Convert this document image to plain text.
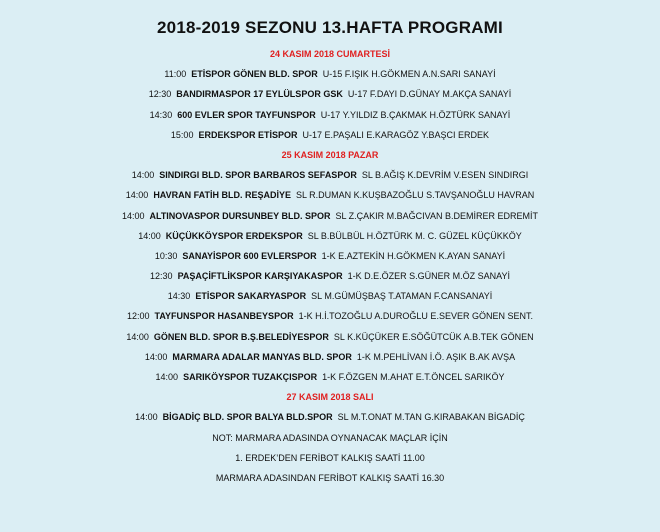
2018-2019 SEZONU 13.HAFTA PROGRAMI
24 KASIM 2018 CUMARTESİ
11:00 ETİSPOR GÖNEN BLD. SPOR U-15 F.IŞIK H.GÖKMEN A.N.SARI SANAYİ
12:30 BANDIRMASPOR 17 EYLÜLSPOR GSK U-17 F.DAYI D.GÜNAY M.AKÇA SANAYİ
14:30 600 EVLER SPOR TAYFUNSPOR U-17 Y.YILDIZ B.ÇAKMAK H.ÖZTÜRK SANAYİ
15:00 ERDEKSPOR ETİSPOR U-17 E.PAŞALI E.KARAGÖZ Y.BAŞCI ERDEK
25 KASIM 2018 PAZAR
14:00 SINDIRGI BLD. SPOR BARBAROS SEFASPOR SL B.AĞIŞ K.DEVRİM V.ESEN SINDIRGI
14:00 HAVRAN FATİH BLD. REŞADİYE SL R.DUMAN K.KUŞBAZOĞLU S.TAVŞANOĞLU HAVRAN
14:00 ALTINOVASPOR DURSUNBEY BLD. SPOR SL Z.ÇAKIR M.BAĞCIVAN B.DEMİRER EDREMİT
14:00 KÜÇÜKKÖYSPOR ERDEKSPOR SL B.BÜLBÜL H.ÖZTÜRK M. C. GÜZEL KÜÇÜKKÖY
10:30 SANAYİSPOR 600 EVLERSPOR 1-K E.AZTEKİN H.GÖKMEN K.AYAN SANAYİ
12:30 PAŞAÇİFTLİKSPOR KARŞIYAKASPOR 1-K D.E.ÖZER S.GÜNER M.ÖZ SANAYİ
14:30 ETİSPOR SAKARYASPOR SL M.GÜMÜŞBAŞ T.ATAMAN F.CANSANAYİ
12:00 TAYFUNSPOR HASANBEYSPOR 1-K H.İ.TOZOĞLU A.DUROĞLU E.SEVER GÖNEN SENT.
14:00 GÖNEN BLD. SPOR B.Ş.BELEDİYESPOR SL K.KÜÇÜKER E.SÖĞÜTCÜK A.B.TEK GÖNEN
14:00 MARMARA ADALAR MANYAS BLD. SPOR 1-K M.PEHLİVAN İ.Ö. AŞIK B.AK AVŞA
14:00 SARIKÖYSPOR TUZAKÇISPOR 1-K F.ÖZGEN M.AHAT E.T.ÖNCEL SARIKÖY
27 KASIM 2018 SALI
14:00 BİGADİÇ BLD. SPOR BALYA BLD.SPOR SL M.T.ONAT M.TAN G.KIRABAKAN BİGADİÇ
NOT: MARMARA ADASINDA OYNANACAK MAÇLAR İÇİN
1. ERDEK’DEN FERİBOT KALKIŞ SAATİ 11.00
MARMARA ADASINDAN FERİBOT KALKIŞ SAATİ 16.30
